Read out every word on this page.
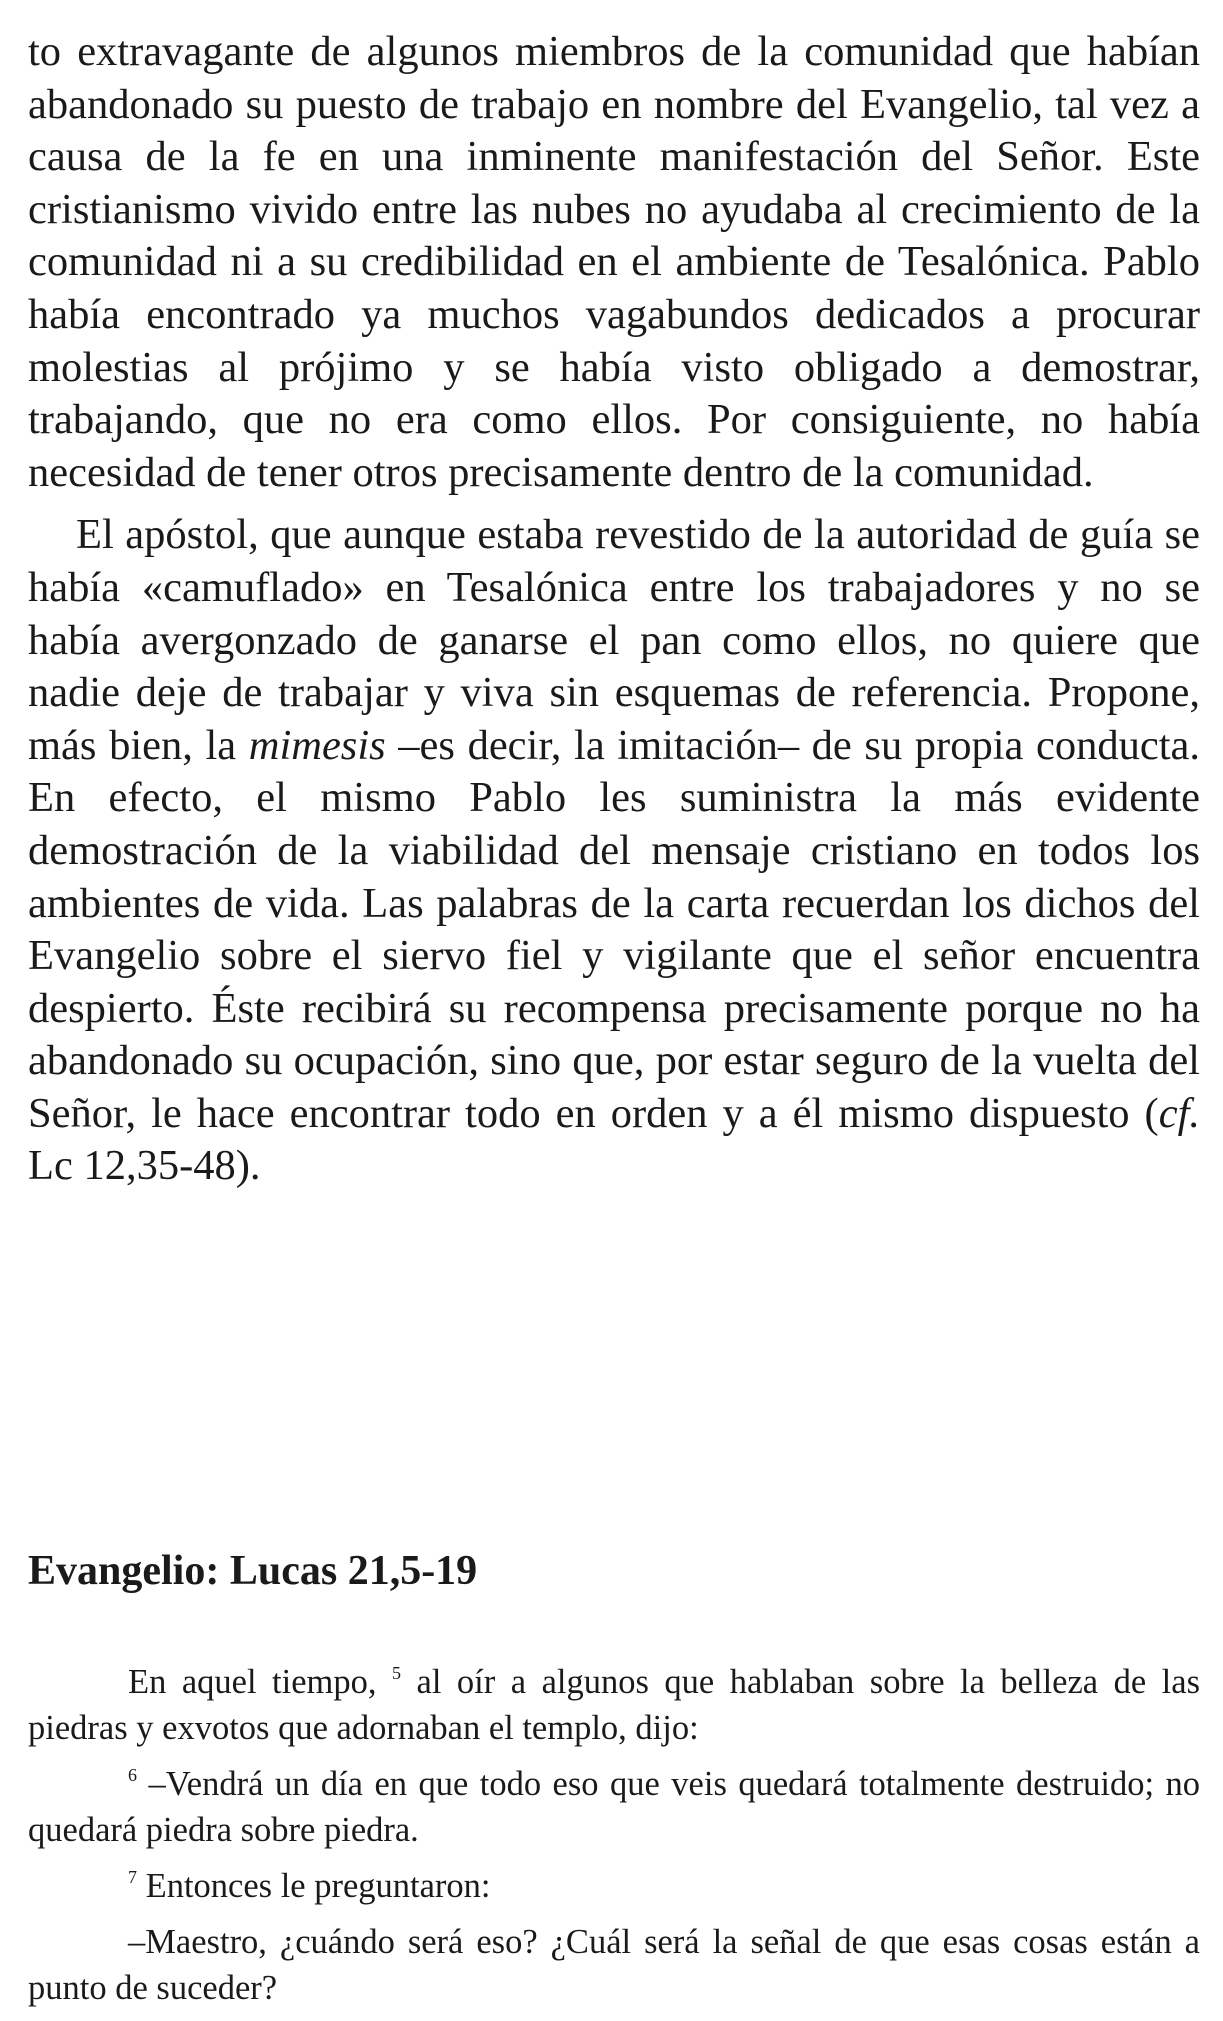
to extravagante de algunos miembros de la comunidad que habían abandonado su puesto de trabajo en nombre del Evangelio, tal vez a causa de la fe en una inminente manifestación del Señor. Este cristianismo vivido entre las nubes no ayudaba al crecimiento de la comunidad ni a su credibilidad en el ambiente de Tesalónica. Pablo había encontrado ya muchos vagabundos dedicados a procurar molestias al prójimo y se había visto obligado a demostrar, trabajando, que no era como ellos. Por consiguiente, no había necesidad de tener otros precisamente dentro de la comunidad.

El apóstol, que aunque estaba revestido de la autoridad de guía se había «camuflado» en Tesalónica entre los trabajadores y no se había avergonzado de ganarse el pan como ellos, no quiere que nadie deje de trabajar y viva sin esquemas de referencia. Propone, más bien, la mimesis –es decir, la imitación– de su propia conducta. En efecto, el mismo Pablo les suministra la más evidente demostración de la viabilidad del mensaje cristiano en todos los ambientes de vida. Las palabras de la carta recuerdan los dichos del Evangelio sobre el siervo fiel y vigilante que el señor encuentra despierto. Éste recibirá su recompensa precisamente porque no ha abandonado su ocupación, sino que, por estar seguro de la vuelta del Señor, le hace encontrar todo en orden y a él mismo dispuesto (cf. Lc 12,35-48).

Evangelio: Lucas 21,5-19

En aquel tiempo, $^5$ al oír a algunos que hablaban sobre la belleza de las piedras y exvotos que adornaban el templo, dijo:

$^6$ –Vendrá un día en que todo eso que veis quedará totalmente destruido; no quedará piedra sobre piedra.

$^7$ Entonces le preguntaron:

–Maestro, ¿cuándo será eso? ¿Cuál será la señal de que esas cosas están a punto de suceder?
